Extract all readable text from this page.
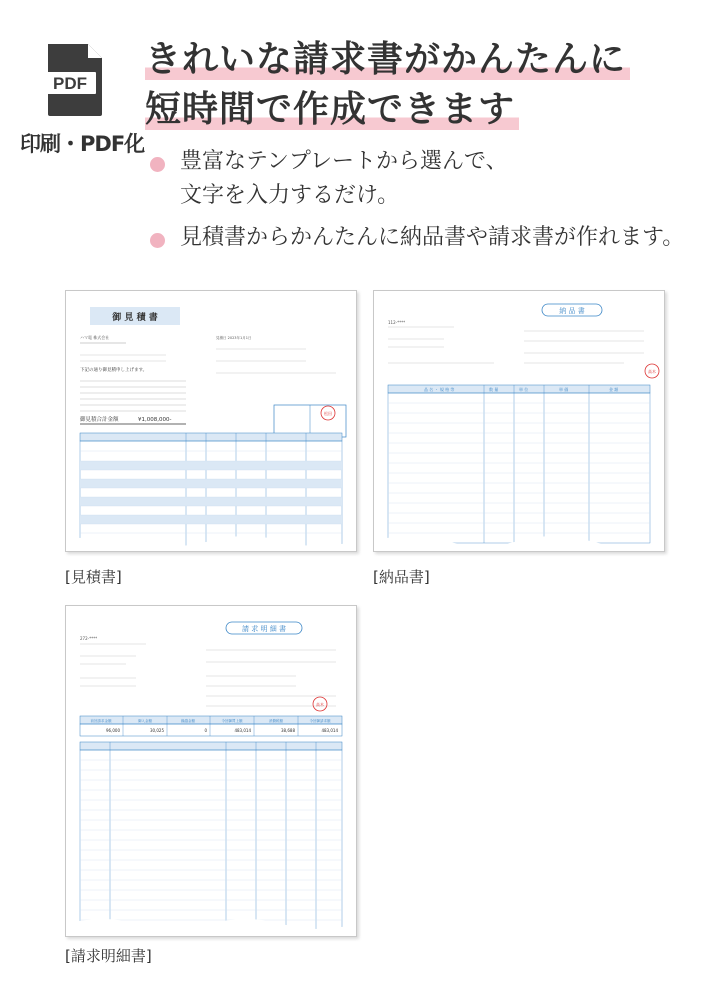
PDF
印刷・PDF化
きれいな請求書がかんたんに
短時間で作成できます
豊富なテンプレートから選んで、
文字を入力するだけ。
見積書からかんたんに納品書や請求書が作れます。
御 見 積 書
ハマ電 株式会社
下記の通り御見積申し上げます。
御見積合計金額	¥1,008,000-
見積日 2023年1月1日
松田
[見積書]
納 品 書
112-****
高木
品 名 ・ 規 格 等	数 量	単 位	単 価	金 額
[納品書]
請 求 明 細 書
272-****
高木
前回請求金額	御入金額	繰越金額	今回御買上額	消費税額	今回御請求額
96,000	30,025	0	483,014	38,688	483,014
[請求明細書]
